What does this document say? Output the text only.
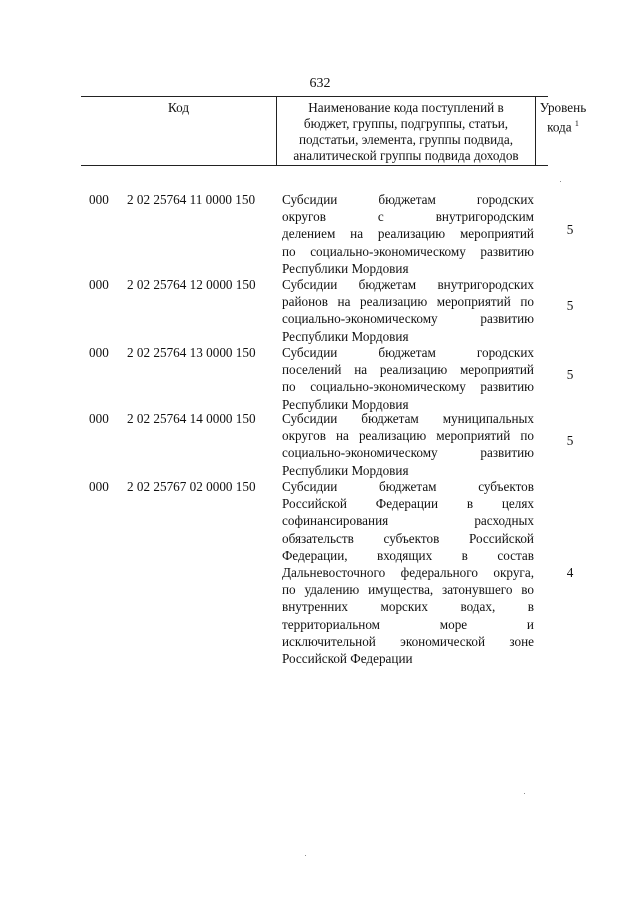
632
Код	Наименование кода поступлений в
бюджет, группы, подгруппы, статьи,
подстатьи, элемента, группы подвида,
аналитической группы подвида доходов
Уровень
кода $^1$
000 2 02 25764 11 0000 150 Субсидии бюджетам городских
округов с внутригородским
делением на реализацию мероприятий
по социально-экономическому развитию
Республики Мордовия
5
000 2 02 25764 12 0000 150 Субсидии бюджетам внутригородских
районов на реализацию мероприятий по
социально-экономическому развитию
Республики Мордовия
5
000 2 02 25764 13 0000 150 Субсидии бюджетам городских
поселений на реализацию мероприятий
по социально-экономическому развитию
Республики Мордовия
5
000 2 02 25764 14 0000 150 Субсидии бюджетам муниципальных
округов на реализацию мероприятий по
социально-экономическому развитию
Республики Мордовия
5
000 2 02 25767 02 0000 150 Субсидии бюджетам субъектов
Российской Федерации в целях
софинансирования расходных
обязательств субъектов Российской
Федерации, входящих в состав
Дальневосточного федерального округа,
по удалению имущества, затонувшего во
внутренних морских водах, в
территориальном море и
исключительной экономической зоне
Российской Федерации
4
